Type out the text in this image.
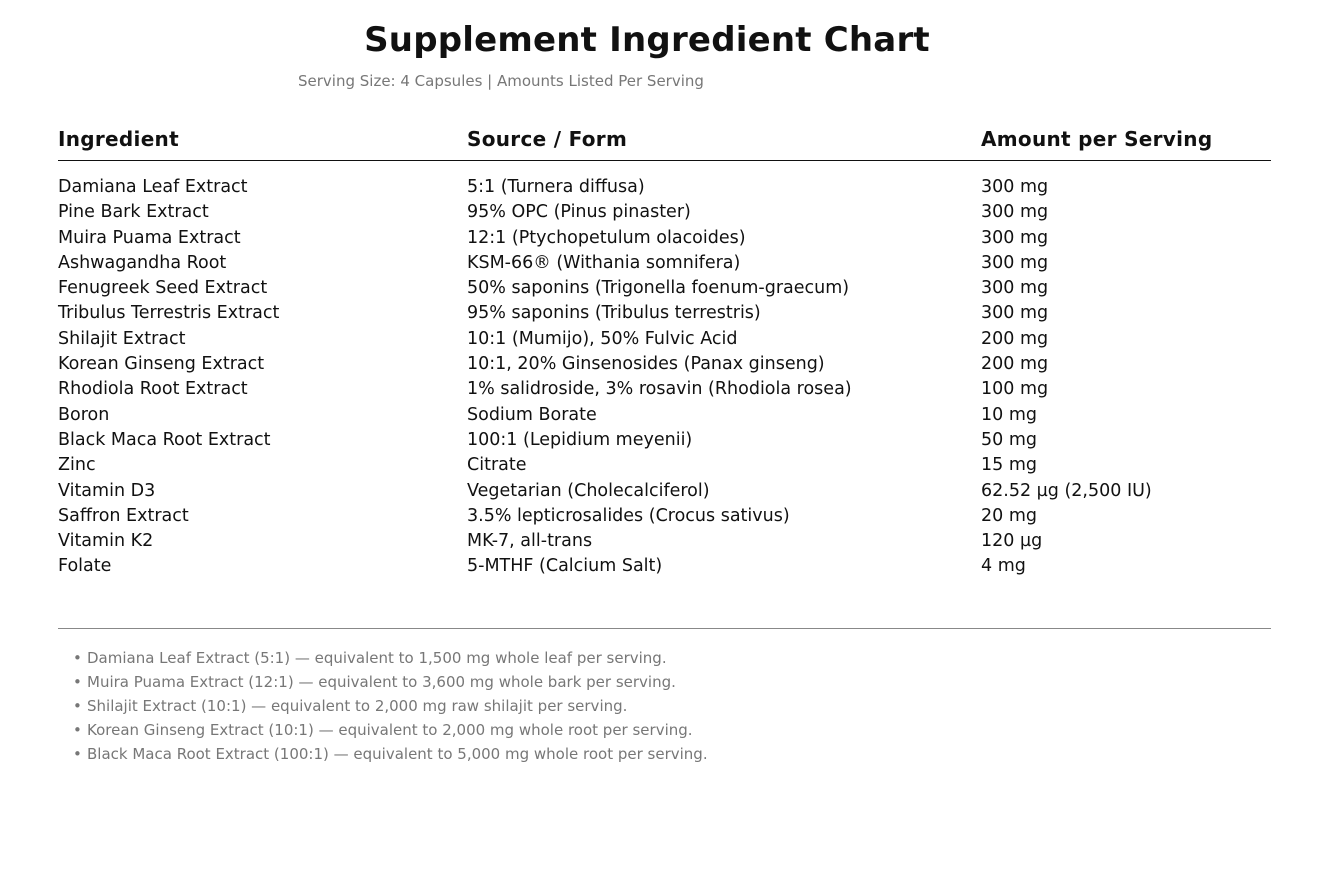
Supplement Ingredient Chart
Serving Size: 4 Capsules | Amounts Listed Per Serving
Ingredient	Source / Form	Amount per Serving
Damiana Leaf Extract	5:1 (Turnera diffusa)	300 mg
Pine Bark Extract	95% OPC (Pinus pinaster)	300 mg
Muira Puama Extract	12:1 (Ptychopetulum olacoides)	300 mg
Ashwagandha Root	KSM-66® (Withania somnifera)	300 mg
Fenugreek Seed Extract	50% saponins (Trigonella foenum-graecum)	300 mg
Tribulus Terrestris Extract	95% saponins (Tribulus terrestris)	300 mg
Shilajit Extract	10:1 (Mumijo), 50% Fulvic Acid	200 mg
Korean Ginseng Extract	10:1, 20% Ginsenosides (Panax ginseng)	200 mg
Rhodiola Root Extract	1% salidroside, 3% rosavin (Rhodiola rosea)	100 mg
Boron	Sodium Borate	10 mg
Black Maca Root Extract	100:1 (Lepidium meyenii)	50 mg
Zinc	Citrate	15 mg
Vitamin D3	Vegetarian (Cholecalciferol)	62.52 µg (2,500 IU)
Saffron Extract	3.5% lepticrosalides (Crocus sativus)	20 mg
Vitamin K2	MK-7, all-trans	120 µg
Folate	5-MTHF (Calcium Salt)	4 mg
• Damiana Leaf Extract (5:1) — equivalent to 1,500 mg whole leaf per serving.
• Muira Puama Extract (12:1) — equivalent to 3,600 mg whole bark per serving.
• Shilajit Extract (10:1) — equivalent to 2,000 mg raw shilajit per serving.
• Korean Ginseng Extract (10:1) — equivalent to 2,000 mg whole root per serving.
• Black Maca Root Extract (100:1) — equivalent to 5,000 mg whole root per serving.
